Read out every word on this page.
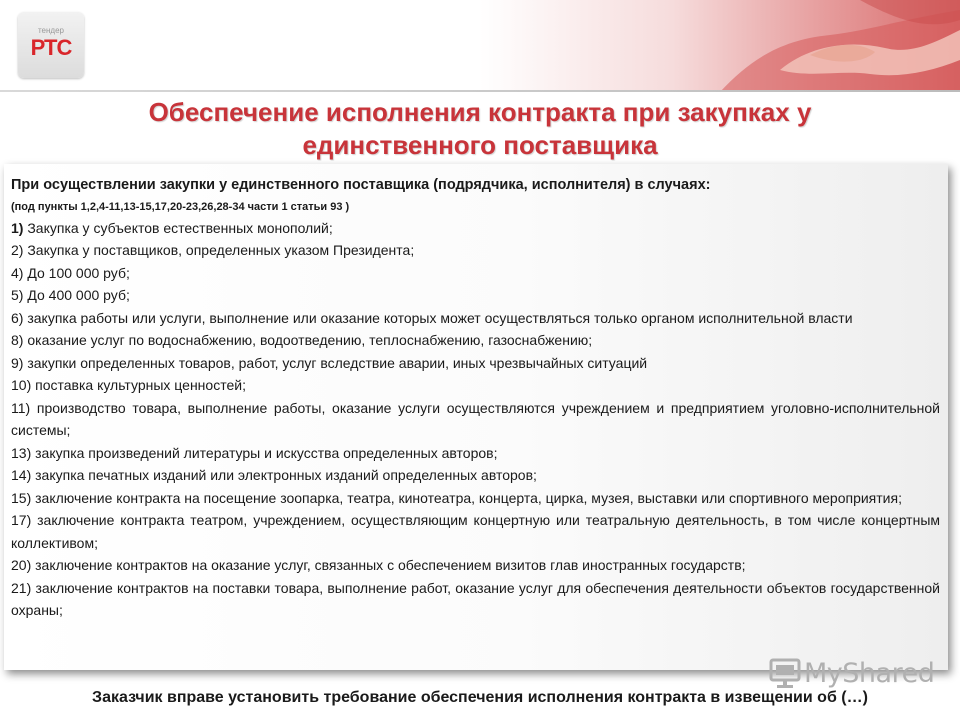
тендер
РТС
Обеспечение исполнения контракта при закупках у единственного поставщика
При осуществлении закупки у единственного поставщика (подрядчика, исполнителя) в случаях:
(под пункты 1,2,4-11,13-15,17,20-23,26,28-34 части 1 статьи 93 )
1) Закупка у субъектов естественных монополий;
2) Закупка у поставщиков, определенных указом Президента;
4) До 100 000 руб;
5) До 400 000 руб;
6) закупка работы или услуги, выполнение или оказание которых может осуществляться только органом исполнительной власти
8) оказание услуг по водоснабжению, водоотведению, теплоснабжению, газоснабжению;
9) закупки определенных товаров, работ, услуг вследствие аварии, иных чрезвычайных ситуаций
10) поставка культурных ценностей;
11) производство товара, выполнение работы, оказание услуги осуществляются учреждением и предприятием уголовно-исполнительной системы;
13) закупка произведений литературы и искусства определенных авторов;
14) закупка печатных изданий или электронных изданий определенных авторов;
15) заключение контракта на посещение зоопарка, театра, кинотеатра, концерта, цирка, музея, выставки или спортивного мероприятия;
17) заключение контракта театром, учреждением, осуществляющим концертную или театральную деятельность, в том числе концертным коллективом;
20) заключение контрактов на оказание услуг, связанных с обеспечением визитов глав иностранных государств;
21) заключение контрактов на поставки товара, выполнение работ, оказание услуг для обеспечения деятельности объектов государственной охраны;
MyShared
Заказчик вправе установить требование обеспечения исполнения контракта в извещении об (…)
